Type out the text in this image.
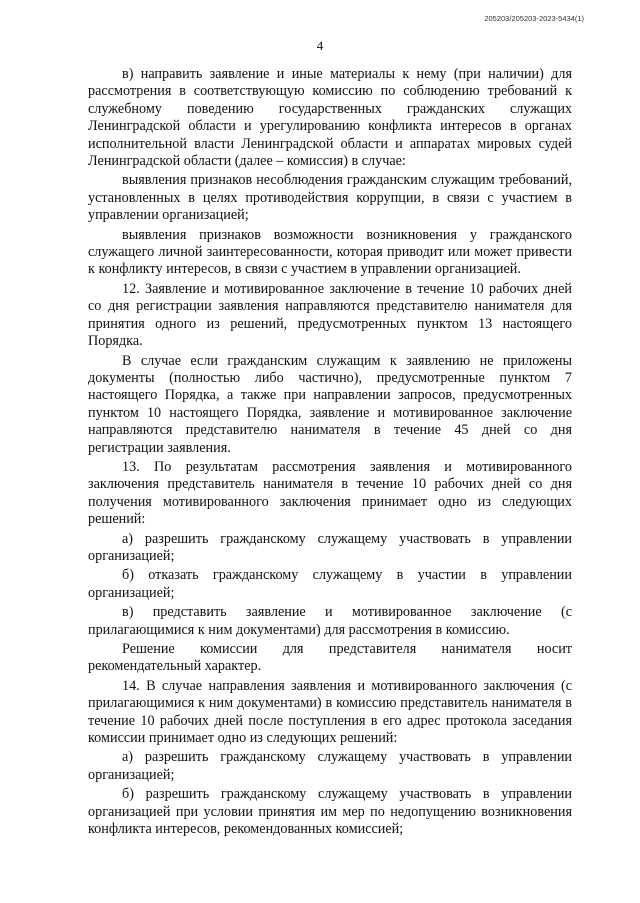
205203/205203-2023-5434(1)
4

в) направить заявление и иные материалы к нему (при наличии) для рассмотрения в соответствующую комиссию по соблюдению требований к служебному поведению государственных гражданских служащих Ленинградской области и урегулированию конфликта интересов в органах исполнительной власти Ленинградской области и аппаратах мировых судей Ленинградской области (далее – комиссия) в случае:

выявления признаков несоблюдения гражданским служащим требований, установленных в целях противодействия коррупции, в связи с участием в управлении организацией;

выявления признаков возможности возникновения у гражданского служащего личной заинтересованности, которая приводит или может привести к конфликту интересов, в связи с участием в управлении организацией.

12. Заявление и мотивированное заключение в течение 10 рабочих дней со дня регистрации заявления направляются представителю нанимателя для принятия одного из решений, предусмотренных пунктом 13 настоящего Порядка.

В случае если гражданским служащим к заявлению не приложены документы (полностью либо частично), предусмотренные пунктом 7 настоящего Порядка, а также при направлении запросов, предусмотренных пунктом 10 настоящего Порядка, заявление и мотивированное заключение направляются представителю нанимателя в течение 45 дней со дня регистрации заявления.

13. По результатам рассмотрения заявления и мотивированного заключения представитель нанимателя в течение 10 рабочих дней со дня получения мотивированного заключения принимает одно из следующих решений:

а) разрешить гражданскому служащему участвовать в управлении организацией;

б) отказать гражданскому служащему в участии в управлении организацией;

в) представить заявление и мотивированное заключение (с прилагающимися к ним документами) для рассмотрения в комиссию.

Решение комиссии для представителя нанимателя носит рекомендательный характер.

14. В случае направления заявления и мотивированного заключения (с прилагающимися к ним документами) в комиссию представитель нанимателя в течение 10 рабочих дней после поступления в его адрес протокола заседания комиссии принимает одно из следующих решений:

а) разрешить гражданскому служащему участвовать в управлении организацией;

б) разрешить гражданскому служащему участвовать в управлении организацией при условии принятия им мер по недопущению возникновения конфликта интересов, рекомендованных комиссией;
